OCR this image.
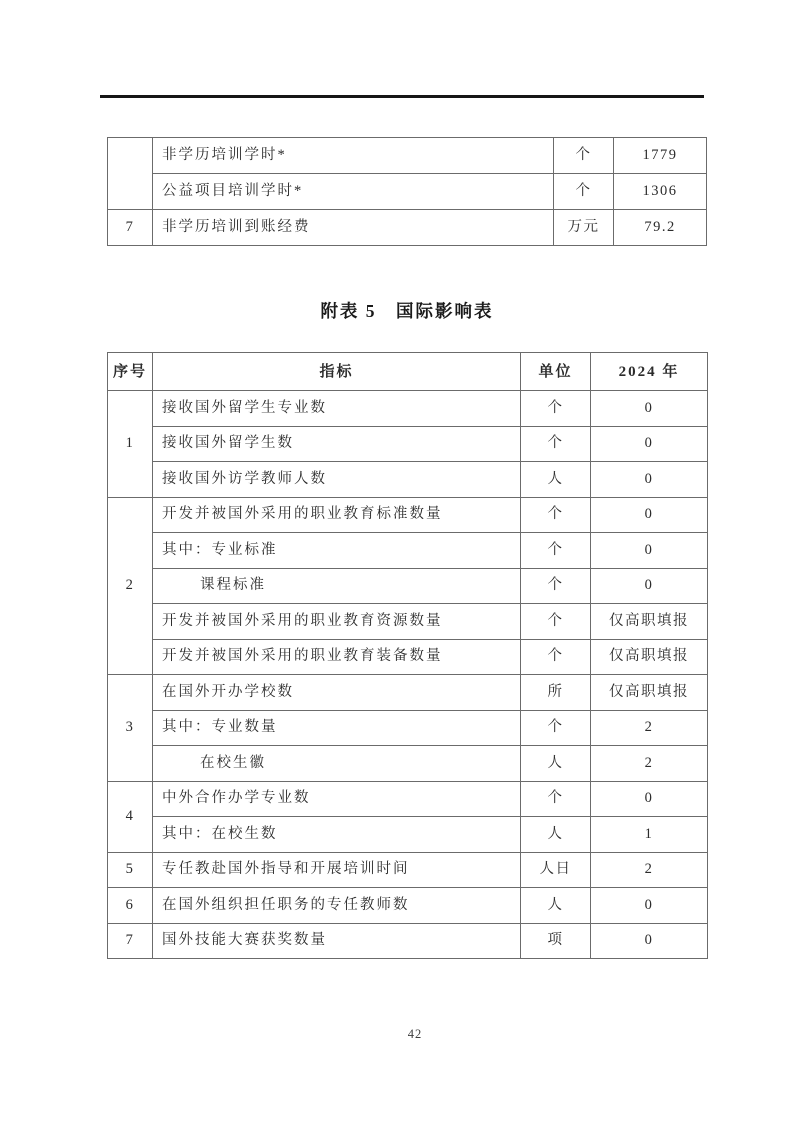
	非学历培训学时*	个	1779
	公益项目培训学时*	个	1306
7	非学历培训到账经费	万元	79.2
附表 5　国际影响表
序号	指标	单位	2024 年
1	接收国外留学生专业数	个	0
	接收国外留学生数	个	0
	接收国外访学教师人数	人	0
2	开发并被国外采用的职业教育标准数量	个	0
	其中：专业标准	个	0
	课程标准	个	0
	开发并被国外采用的职业教育资源数量	个	仅高职填报
	开发并被国外采用的职业教育装备数量	个	仅高职填报
3	在国外开办学校数	所	仅高职填报
	其中：专业数量	个	2
	在校生徽	人	2
4	中外合作办学专业数	个	0
	其中：在校生数	人	1
5	专任教赴国外指导和开展培训时间	人日	2
6	在国外组织担任职务的专任教师数	人	0
7	国外技能大赛获奖数量	项	0
42
